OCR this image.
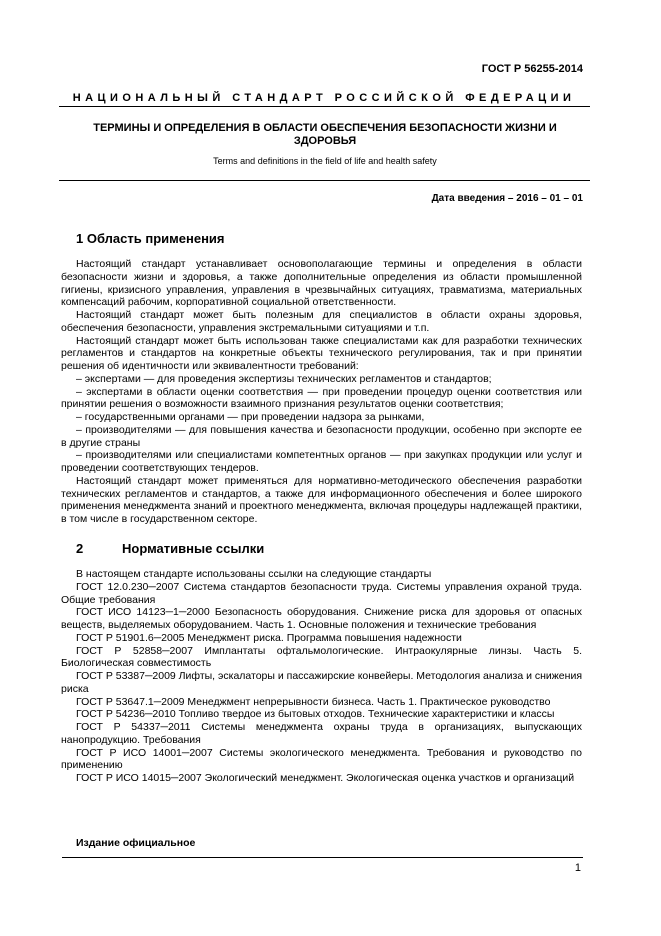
ГОСТ Р 56255-2014

НАЦИОНАЛЬНЫЙ СТАНДАРТ РОССИЙСКОЙ ФЕДЕРАЦИИ

ТЕРМИНЫ И ОПРЕДЕЛЕНИЯ В ОБЛАСТИ ОБЕСПЕЧЕНИЯ БЕЗОПАСНОСТИ ЖИЗНИ И ЗДОРОВЬЯ

Terms and definitions in the field of life and health safety

Дата введения – 2016 – 01 – 01

1 Область применения

Настоящий стандарт устанавливает основополагающие термины и определения в области безопасности жизни и здоровья, а также дополнительные определения из области промышленной гигиены, кризисного управления, управления в чрезвычайных ситуациях, травматизма, материальных компенсаций рабочим, корпоративной социальной ответственности.

Настоящий стандарт может быть полезным для специалистов в области охраны здоровья, обеспечения безопасности, управления экстремальными ситуациями и т.п.

Настоящий стандарт может быть использован также специалистами как для разработки технических регламентов и стандартов на конкретные объекты технического регулирования, так и при принятии решения об идентичности или эквивалентности требований:

– экспертами — для проведения экспертизы технических регламентов и стандартов;

– экспертами в области оценки соответствия — при проведении процедур оценки соответствия или принятии решения о возможности взаимного признания результатов оценки соответствия;

– государственными органами — при проведении надзора за рынками,

– производителями — для повышения качества и безопасности продукции, особенно при экспорте ее в другие страны

– производителями или специалистами компетентных органов — при закупках продукции или услуг и проведении соответствующих тендеров.

Настоящий стандарт может применяться для нормативно-методического обеспечения разработки технических регламентов и стандартов, а также для информационного обеспечения и более широкого применения менеджмента знаний и проектного менеджмента, включая процедуры надлежащей практики, в том числе в государственном секторе.

2	Нормативные ссылки

В настоящем стандарте использованы ссылки на следующие стандарты

ГОСТ 12.0.230─2007 Система стандартов безопасности труда. Системы управления охраной труда. Общие требования

ГОСТ ИСО 14123─1─2000 Безопасность оборудования. Снижение риска для здоровья от опасных веществ, выделяемых оборудованием. Часть 1. Основные положения и технические требования

ГОСТ Р 51901.6─2005 Менеджмент риска. Программа повышения надежности

ГОСТ Р 52858─2007 Имплантаты офтальмологические. Интраокулярные линзы. Часть 5. Биологическая совместимость

ГОСТ Р 53387─2009 Лифты, эскалаторы и пассажирские конвейеры. Методология анализа и снижения риска

ГОСТ Р 53647.1─2009 Менеджмент непрерывности бизнеса. Часть 1. Практическое руководство

ГОСТ Р 54236─2010 Топливо твердое из бытовых отходов. Технические характеристики и классы

ГОСТ Р 54337─2011 Системы менеджмента охраны труда в организациях, выпускающих нанопродукцию. Требования

ГОСТ Р ИСО 14001─2007 Системы экологического менеджмента. Требования и руководство по применению

ГОСТ Р ИСО 14015─2007 Экологический менеджмент. Экологическая оценка участков и организаций

Издание официальное

1
